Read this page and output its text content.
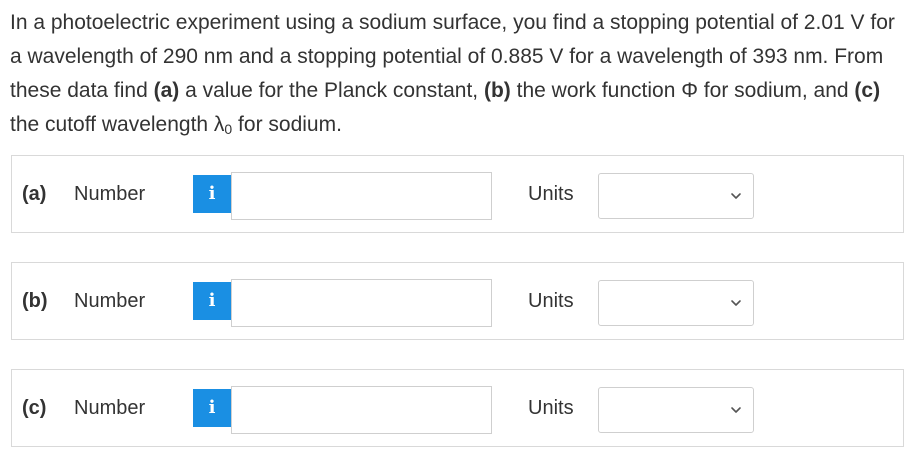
In a photoelectric experiment using a sodium surface, you find a stopping potential of 2.01 V for a wavelength of 290 nm and a stopping potential of 0.885 V for a wavelength of 393 nm. From these data find (a) a value for the Planck constant, (b) the work function Φ for sodium, and (c) the cutoff wavelength $\lambda_0$ for sodium.
(a) Number	i	Units
(b) Number	i	Units
(c) Number	i	Units
